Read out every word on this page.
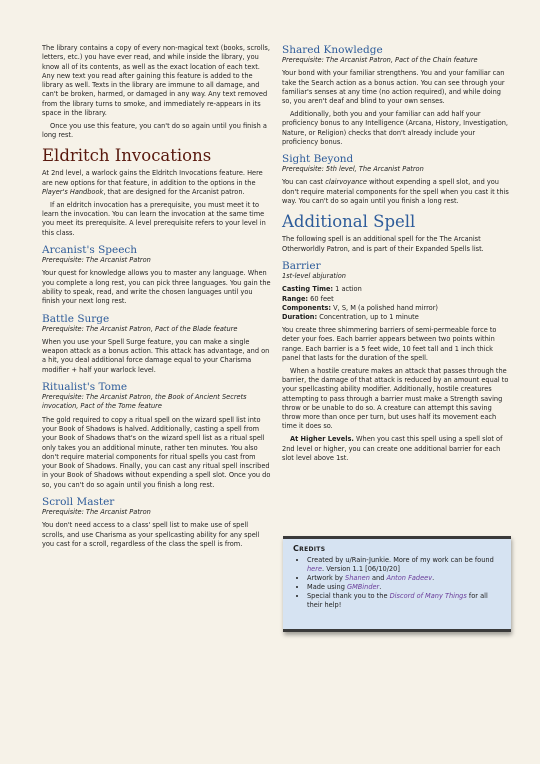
The library contains a copy of every non-magical text (books, scrolls, letters, etc.) you have ever read, and while inside the library, you know all of its contents, as well as the exact location of each text. Any new text you read after gaining this feature is added to the library as well. Texts in the library are immune to all damage, and can't be broken, harmed, or damaged in any way. Any text removed from the library turns to smoke, and immediately re-appears in its space in the library.

Once you use this feature, you can't do so again until you finish a long rest.

Eldritch Invocations

At 2nd level, a warlock gains the Eldritch Invocations feature. Here are new options for that feature, in addition to the options in the Player's Handbook, that are designed for the Arcanist patron.

If an eldritch invocation has a prerequisite, you must meet it to learn the invocation. You can learn the invocation at the same time you meet its prerequisite. A level prerequisite refers to your level in this class.

Arcanist's Speech

Prerequisite: The Arcanist Patron

Your quest for knowledge allows you to master any language. When you complete a long rest, you can pick three languages. You gain the ability to speak, read, and write the chosen languages until you finish your next long rest.

Battle Surge

Prerequisite: The Arcanist Patron, Pact of the Blade feature

When you use your Spell Surge feature, you can make a single weapon attack as a bonus action. This attack has advantage, and on a hit, you deal additional force damage equal to your Charisma modifier + half your warlock level.

Ritualist's Tome

Prerequisite: The Arcanist Patron, the Book of Ancient Secrets invocation, Pact of the Tome feature

The gold required to copy a ritual spell on the wizard spell list into your Book of Shadows is halved. Additionally, casting a spell from your Book of Shadows that's on the wizard spell list as a ritual spell only takes you an additional minute, rather ten minutes. You also don't require material components for ritual spells you cast from your Book of Shadows. Finally, you can cast any ritual spell inscribed in your Book of Shadows without expending a spell slot. Once you do so, you can't do so again until you finish a long rest.

Scroll Master

Prerequisite: The Arcanist Patron

You don't need access to a class' spell list to make use of spell scrolls, and use Charisma as your spellcasting ability for any spell you cast for a scroll, regardless of the class the spell is from.

Shared Knowledge

Prerequisite: The Arcanist Patron, Pact of the Chain feature

Your bond with your familiar strengthens. You and your familiar can take the Search action as a bonus action. You can see through your familiar's senses at any time (no action required), and while doing so, you aren't deaf and blind to your own senses.

Additionally, both you and your familiar can add half your proficiency bonus to any Intelligence (Arcana, History, Investigation, Nature, or Religion) checks that don't already include your proficiency bonus.

Sight Beyond

Prerequisite: 5th level, The Arcanist Patron

You can cast clairvoyance without expending a spell slot, and you don't require material components for the spell when you cast it this way. You can't do so again until you finish a long rest.

Additional Spell

The following spell is an additional spell for the The Arcanist Otherworldly Patron, and is part of their Expanded Spells list.

Barrier

1st-level abjuration

Casting Time: 1 action
Range: 60 feet
Components: V, S, M (a polished hand mirror)
Duration: Concentration, up to 1 minute

You create three shimmering barriers of semi-permeable force to deter your foes. Each barrier appears between two points within range. Each barrier is a 5 feet wide, 10 feet tall and 1 inch thick panel that lasts for the duration of the spell.

When a hostile creature makes an attack that passes through the barrier, the damage of that attack is reduced by an amount equal to your spellcasting ability modifier. Additionally, hostile creatures attempting to pass through a barrier must make a Strength saving throw or be unable to do so. A creature can attempt this saving throw more than once per turn, but uses half its movement each time it does so.

At Higher Levels. When you cast this spell using a spell slot of 2nd level or higher, you can create one additional barrier for each slot level above 1st.

Credits
• Created by u/Rain-Junkie. More of my work can be found here. Version 1.1 [06/10/20]
• Artwork by Shanen and Anton Fadeev.
• Made using GMBinder.
• Special thank you to the Discord of Many Things for all their help!
